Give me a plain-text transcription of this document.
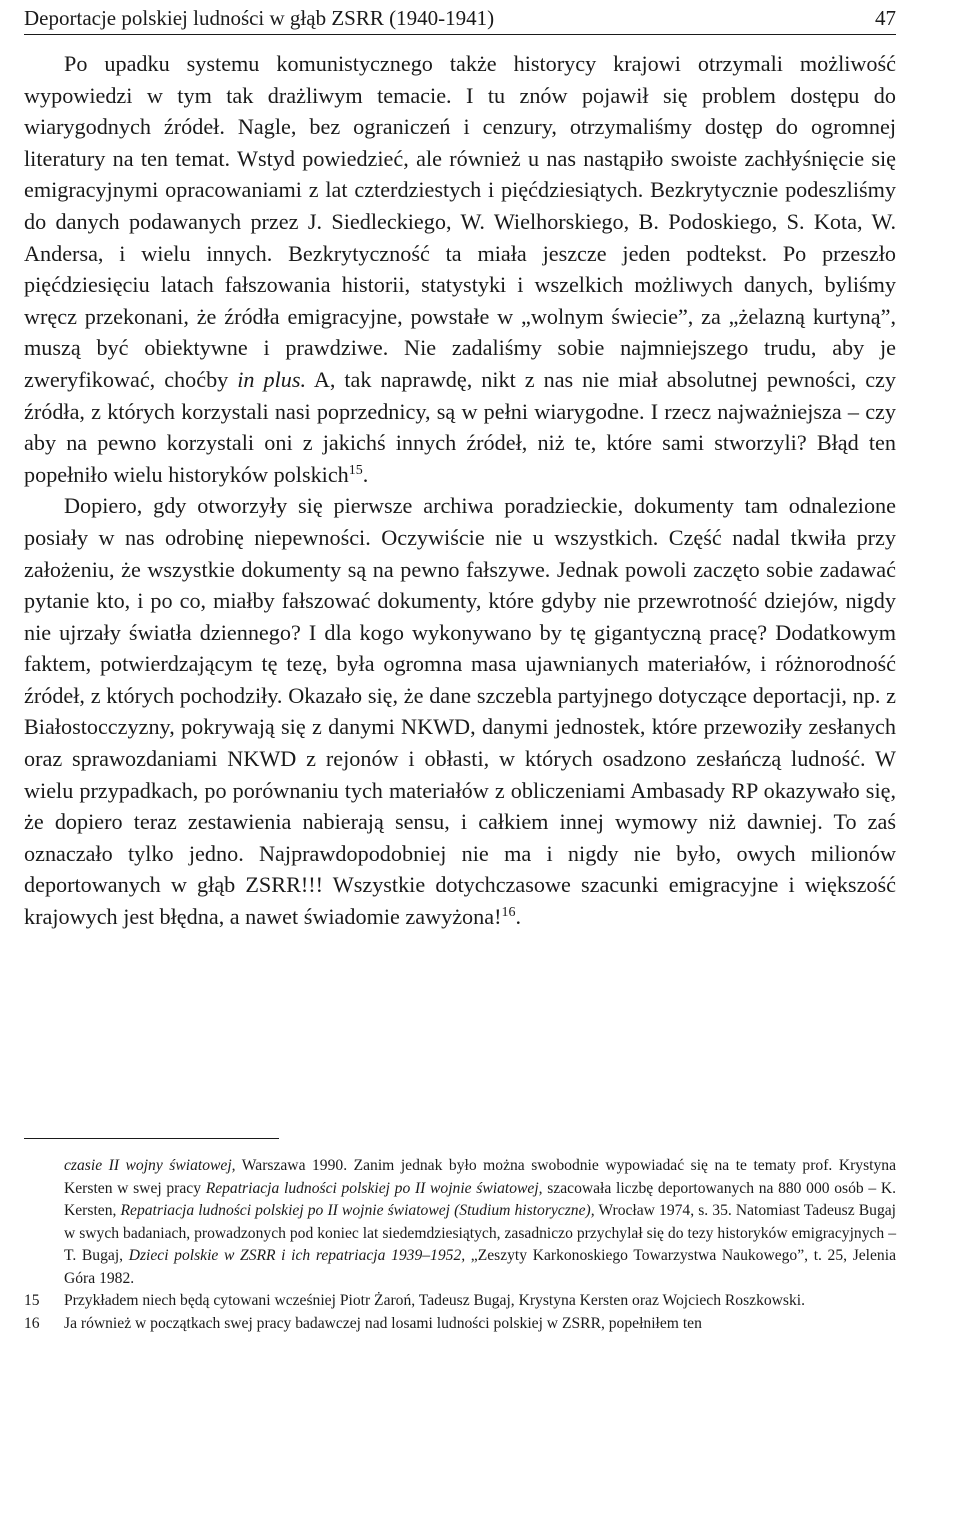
Deportacje polskiej ludności w głąb ZSRR (1940-1941)	47

Po upadku systemu komunistycznego także historycy krajowi otrzymali możliwość wypowiedzi w tym tak drażliwym temacie. I tu znów pojawił się problem dostępu do wiarygodnych źródeł. Nagle, bez ograniczeń i cenzury, otrzymaliśmy dostęp do ogromnej literatury na ten temat. Wstyd powiedzieć, ale również u nas nastąpiło swoiste zachłyśnięcie się emigracyjnymi opracowaniami z lat czterdziestych i pięćdziesiątych. Bezkrytycznie podeszliśmy do danych podawanych przez J. Siedleckiego, W. Wielhorskiego, B. Podoskiego, S. Kota, W. Andersa, i wielu innych. Bezkrytyczność ta miała jeszcze jeden podtekst. Po przeszło pięćdziesięciu latach fałszowania historii, statystyki i wszelkich możliwych danych, byliśmy wręcz przekonani, że źródła emigracyjne, powstałe w „wolnym świecie”, za „żelazną kurtyną”, muszą być obiektywne i prawdziwe. Nie zadaliśmy sobie najmniejszego trudu, aby je zweryfikować, choćby in plus. A, tak naprawdę, nikt z nas nie miał absolutnej pewności, czy źródła, z których korzystali nasi poprzednicy, są w pełni wiarygodne. I rzecz najważniejsza – czy aby na pewno korzystali oni z jakichś innych źródeł, niż te, które sami stworzyli? Błąd ten popełniło wielu historyków polskich$^{15}$.

Dopiero, gdy otworzyły się pierwsze archiwa poradzieckie, dokumenty tam odnalezione posiały w nas odrobinę niepewności. Oczywiście nie u wszystkich. Część nadal tkwiła przy założeniu, że wszystkie dokumenty są na pewno fałszywe. Jednak powoli zaczęto sobie zadawać pytanie kto, i po co, miałby fałszować dokumenty, które gdyby nie przewrotność dziejów, nigdy nie ujrzały światła dziennego? I dla kogo wykonywano by tę gigantyczną pracę? Dodatkowym faktem, potwierdzającym tę tezę, była ogromna masa ujawnianych materiałów, i różnorodność źródeł, z których pochodziły. Okazało się, że dane szczebla partyjnego dotyczące deportacji, np. z Białostocczyzny, pokrywają się z danymi NKWD, danymi jednostek, które przewoziły zesłanych oraz sprawozdaniami NKWD z rejonów i obłasti, w których osadzono zesłańczą ludność. W wielu przypadkach, po porównaniu tych materiałów z obliczeniami Ambasady RP okazywało się, że dopiero teraz zestawienia nabierają sensu, i całkiem innej wymowy niż dawniej. To zaś oznaczało tylko jedno. Najprawdopodobniej nie ma i nigdy nie było, owych milionów deportowanych w głąb ZSRR!!! Wszystkie dotychczasowe szacunki emigracyjne i większość krajowych jest błędna, a nawet świadomie zawyżona!$^{16}$.

czasie II wojny światowej, Warszawa 1990. Zanim jednak było można swobodnie wypowiadać się na te tematy prof. Krystyna Kersten w swej pracy Repatriacja ludności polskiej po II wojnie światowej, szacowała liczbę deportowanych na 880 000 osób – K. Kersten, Repatriacja ludności polskiej po II wojnie światowej (Studium historyczne), Wrocław 1974, s. 35. Natomiast Tadeusz Bugaj w swych badaniach, prowadzonych pod koniec lat siedemdziesiątych, zasadniczo przychylał się do tezy historyków emigracyjnych – T. Bugaj, Dzieci polskie w ZSRR i ich repatriacja 1939–1952, „Zeszyty Karkonoskiego Towarzystwa Naukowego”, t. 25, Jelenia Góra 1982.

15	Przykładem niech będą cytowani wcześniej Piotr Żaroń, Tadeusz Bugaj, Krystyna Kersten oraz Wojciech Roszkowski.
16	Ja również w początkach swej pracy badawczej nad losami ludności polskiej w ZSRR, popełniłem ten
